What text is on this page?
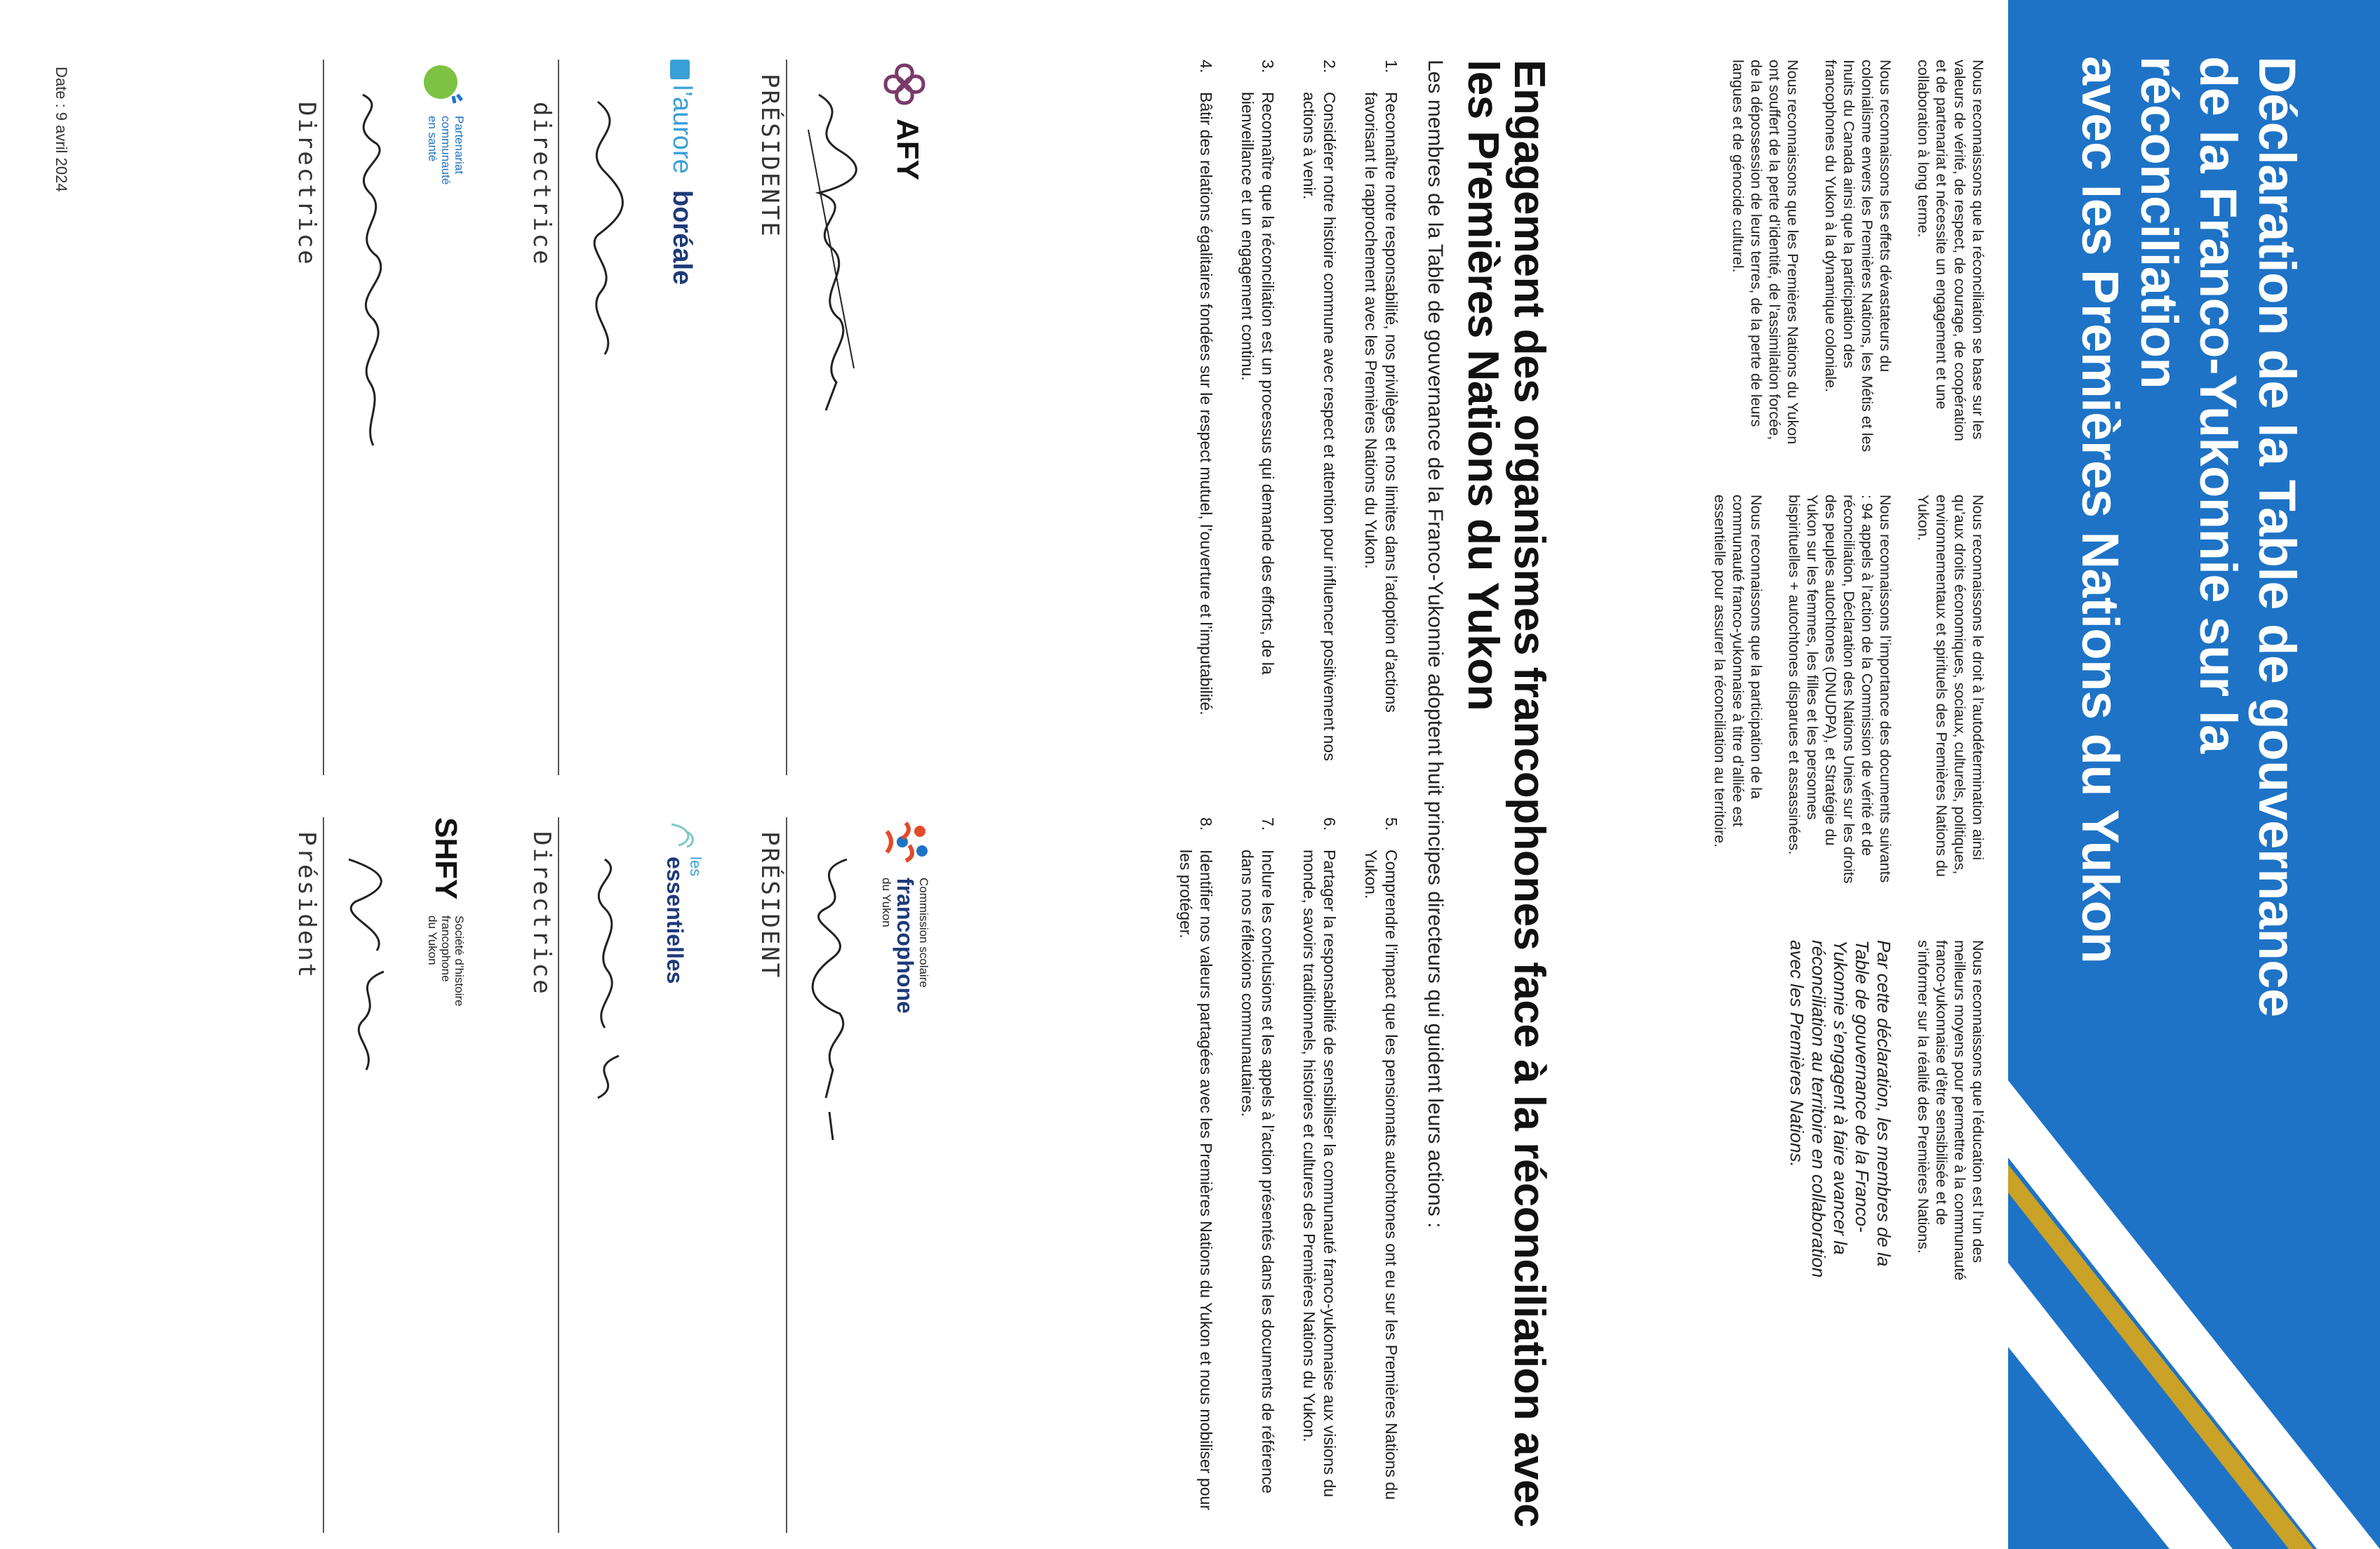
Déclaration de la Table de gouvernance
de la Franco-Yukonnie sur la réconciliation
avec les Premières Nations du Yukon

Nous reconnaissons que la réconciliation se base sur les valeurs de vérité, de respect, de courage, de coopération et de partenariat et nécessite un engagement et une collaboration à long terme.

Nous reconnaissons les effets dévastateurs du colonialisme envers les Premières Nations, les Métis et les Inuits du Canada ainsi que la participation des francophones du Yukon à la dynamique coloniale.

Nous reconnaissons que les Premières Nations du Yukon ont souffert de la perte d’identité, de l’assimilation forcée, de la dépossession de leurs terres, de la perte de leurs langues et de génocide culturel.

Nous reconnaissons le droit à l’autodétermination ainsi qu’aux droits économiques, sociaux, culturels, politiques, environnementaux et spirituels des Premières Nations du Yukon.

Nous reconnaissons l’importance des documents suivants : 94 appels à l’action de la Commission de vérité et de réconciliation, Déclaration des Nations Unies sur les droits des peuples autochtones (DNUDPA), et Stratégie du Yukon sur les femmes, les filles et les personnes bispirituelles + autochtones disparues et assassinées.

Nous reconnaissons que la participation de la communauté franco-yukonnaise à titre d’alliée est essentielle pour assurer la réconciliation au territoire.

Nous reconnaissons que l’éducation est l’un des meilleurs moyens pour permettre à la communauté franco-yukonnaise d’être sensibilisée et de s’informer sur la réalité des Premières Nations.

Par cette déclaration, les membres de la Table de gouvernance de la Franco-Yukonnie s’engagent à faire avancer la réconciliation au territoire en collaboration avec les Premières Nations.

Engagement des organismes francophones face à la réconciliation avec les Premières Nations du Yukon
Les membres de la Table de gouvernance de la Franco-Yukonnie adoptent huit principes directeurs qui guident leurs actions :
1.
Reconnaître notre responsabilité, nos privilèges et nos limites dans l’adoption d’actions favorisant le rapprochement avec les Premières Nations du Yukon.
2.
Considérer notre histoire commune avec respect et attention pour influencer positivement nos actions à venir.
3.
Reconnaître que la réconciliation est un processus qui demande des efforts, de la bienveillance et un engagement continu.
4.
Bâtir des relations égalitaires fondées sur le respect mutuel, l’ouverture et l’imputabilité.
5.
Comprendre l’impact que les pensionnats autochtones ont eu sur les Premières Nations du Yukon.
6.
Partager la responsabilité de sensibiliser la communauté franco-yukonnaise aux visions du monde, savoirs traditionnels, histoires et cultures des Premières Nations du Yukon.
7.
Inclure les conclusions et les appels à l’action présentés dans les documents de référence dans nos réflexions communautaires.
8.
Identifier nos valeurs partagées avec les Premières Nations du Yukon et nous mobiliser pour les protéger.
AFY
PRÉSIDENTE
Commission scolaire
francophone
du Yukon
PRÉSIDENT
l’aurore
boréale
directrice
les
essentielles
Directrice
Partenariat
communauté
en santé
Directrice
SHFY
Société d’histoire
francophone
du Yukon
Président
Date : 9 avril 2024
